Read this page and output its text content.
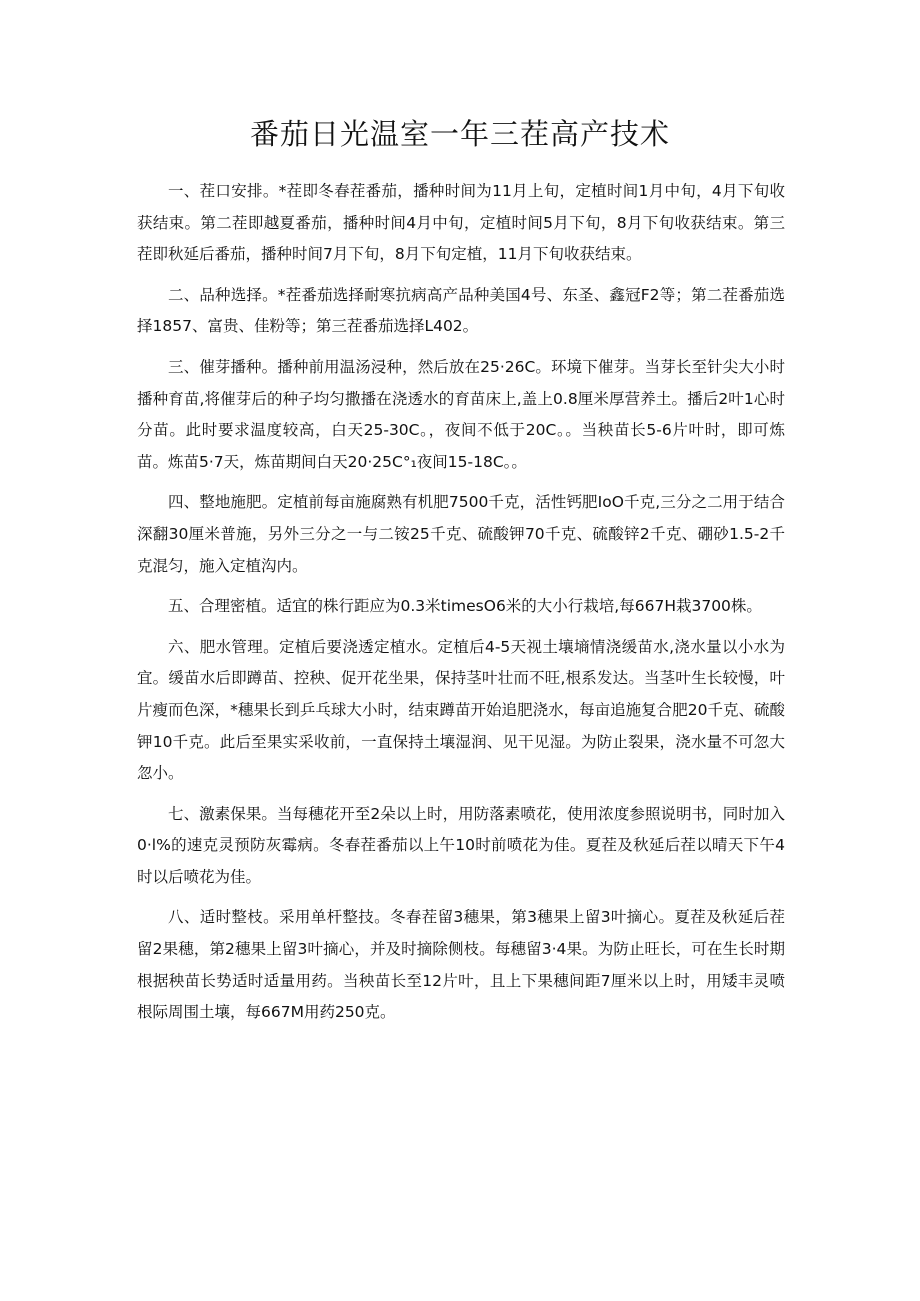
番茄日光温室一年三茬高产技术

一、茬口安排。*茬即冬春茬番茄，播种时间为11月上旬，定植时间1月中旬，4月下旬收获结束。第二茬即越夏番茄，播种时间4月中旬，定植时间5月下旬，8月下旬收获结束。第三茬即秋延后番茄，播种时间7月下旬，8月下旬定植，11月下旬收获结束。

二、品种选择。*茬番茄选择耐寒抗病高产品种美国4号、东圣、鑫冠F2等；第二茬番茄选择1857、富贵、佳粉等；第三茬番茄选择L402。

三、催芽播种。播种前用温汤浸种，然后放在25·26C。环境下催芽。当芽长至针尖大小时播种育苗,将催芽后的种子均匀撒播在浇透水的育苗床上,盖上0.8厘米厚营养土。播后2叶1心时分苗。此时要求温度较高，白天25-30C。，夜间不低于20C。。当秧苗长5-6片叶时，即可炼苗。炼苗5·7天，炼苗期间白天20·25C°₁夜间15-18C。。

四、整地施肥。定植前每亩施腐熟有机肥7500千克，活性钙肥IoO千克,三分之二用于结合深翻30厘米普施，另外三分之一与二铵25千克、硫酸钾70千克、硫酸锌2千克、硼砂1.5-2千克混匀，施入定植沟内。

五、合理密植。适宜的株行距应为0.3米timesO6米的大小行栽培,每667H栽3700株。

六、肥水管理。定植后要浇透定植水。定植后4-5天视土壤墒情浇缓苗水,浇水量以小水为宜。缓苗水后即蹲苗、控秧、促开花坐果，保持茎叶壮而不旺,根系发达。当茎叶生长较慢，叶片瘦而色深，*穗果长到乒乓球大小时，结束蹲苗开始追肥浇水，每亩追施复合肥20千克、硫酸钾10千克。此后至果实采收前，一直保持土壤湿润、见干见湿。为防止裂果，浇水量不可忽大忽小。

七、激素保果。当每穗花开至2朵以上时，用防落素喷花，使用浓度参照说明书，同时加入0·l%的速克灵预防灰霉病。冬春茬番茄以上午10时前喷花为佳。夏茬及秋延后茬以晴天下午4时以后喷花为佳。

八、适时整枝。采用单杆整技。冬春茬留3穗果，第3穗果上留3叶摘心。夏茬及秋延后茬留2果穗，第2穗果上留3叶摘心，并及时摘除侧枝。每穗留3·4果。为防止旺长，可在生长时期根据秧苗长势适时适量用药。当秧苗长至12片叶，且上下果穗间距7厘米以上时，用矮丰灵喷根际周围土壤，每667M用药250克。
